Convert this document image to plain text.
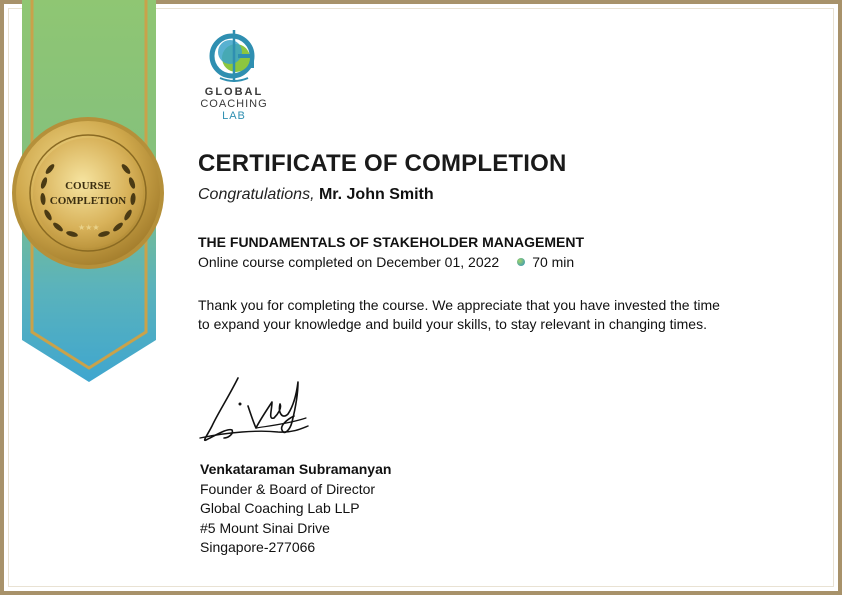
★★★
COURSE
COMPLETION
GLOBAL
COACHING
LAB
CERTIFICATE OF COMPLETION
Congratulations, Mr. John Smith
THE FUNDAMENTALS OF STAKEHOLDER MANAGEMENT
Online course completed on December 01, 2022 70 min
Thank you for completing the course. We appreciate that you have invested the time
to expand your knowledge and build your skills, to stay relevant in changing times.
Venkataraman Subramanyan
Founder & Board of Director
Global Coaching Lab LLP
#5 Mount Sinai Drive
Singapore-277066
